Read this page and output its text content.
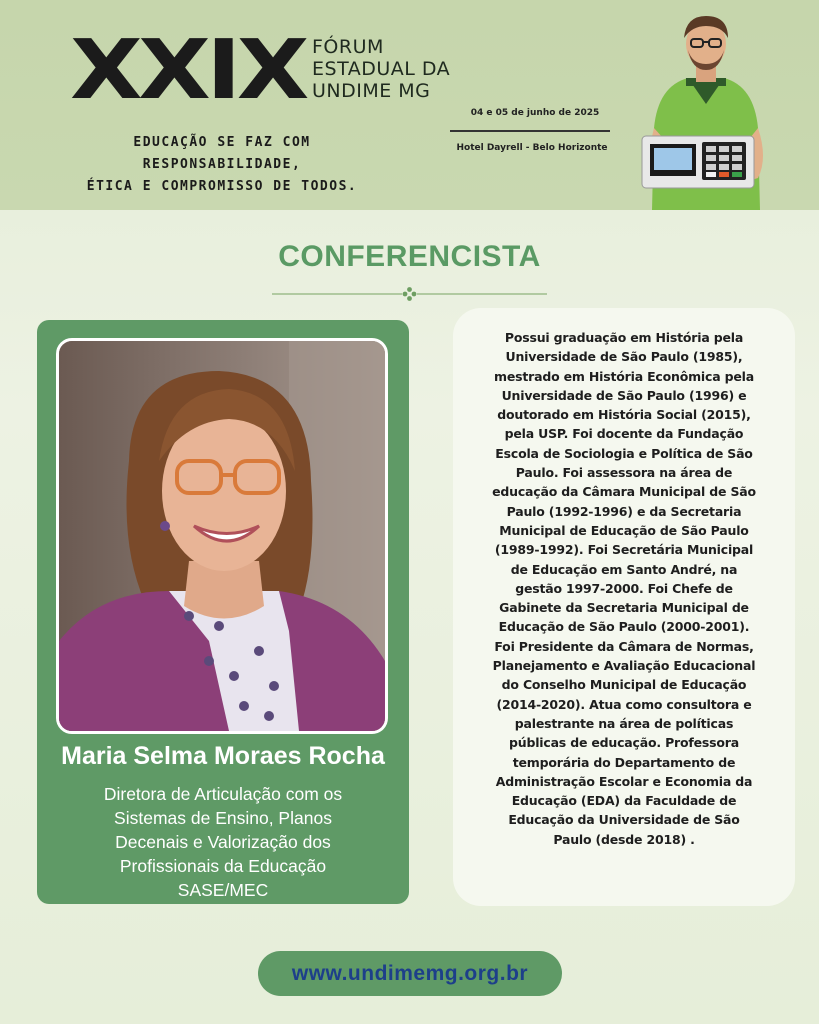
XXIX FÓRUM
ESTADUAL DA
UNDIME MG
EDUCAÇÃO SE FAZ COM RESPONSABILIDADE,
ÉTICA E COMPROMISSO DE TODOS.
04 e 05 de junho de 2025
Hotel Dayrell - Belo Horizonte
CONFERENCISTA
Maria Selma Moraes Rocha
Diretora de Articulação com os
Sistemas de Ensino, Planos
Decenais e Valorização dos
Profissionais da Educação
SASE/MEC
Possui graduação em História pela
Universidade de São Paulo (1985),
mestrado em História Econômica pela
Universidade de São Paulo (1996) e
doutorado em História Social (2015),
pela USP. Foi docente da Fundação
Escola de Sociologia e Política de São
Paulo. Foi assessora na área de
educação da Câmara Municipal de São
Paulo (1992-1996) e da Secretaria
Municipal de Educação de São Paulo
(1989-1992). Foi Secretária Municipal
de Educação em Santo André, na
gestão 1997-2000. Foi Chefe de
Gabinete da Secretaria Municipal de
Educação de São Paulo (2000-2001).
Foi Presidente da Câmara de Normas,
Planejamento e Avaliação Educacional
do Conselho Municipal de Educação
(2014-2020). Atua como consultora e
palestrante na área de políticas
públicas de educação. Professora
temporária do Departamento de
Administração Escolar e Economia da
Educação (EDA) da Faculdade de
Educação da Universidade de São
Paulo (desde 2018) .
www.undimemg.org.br
